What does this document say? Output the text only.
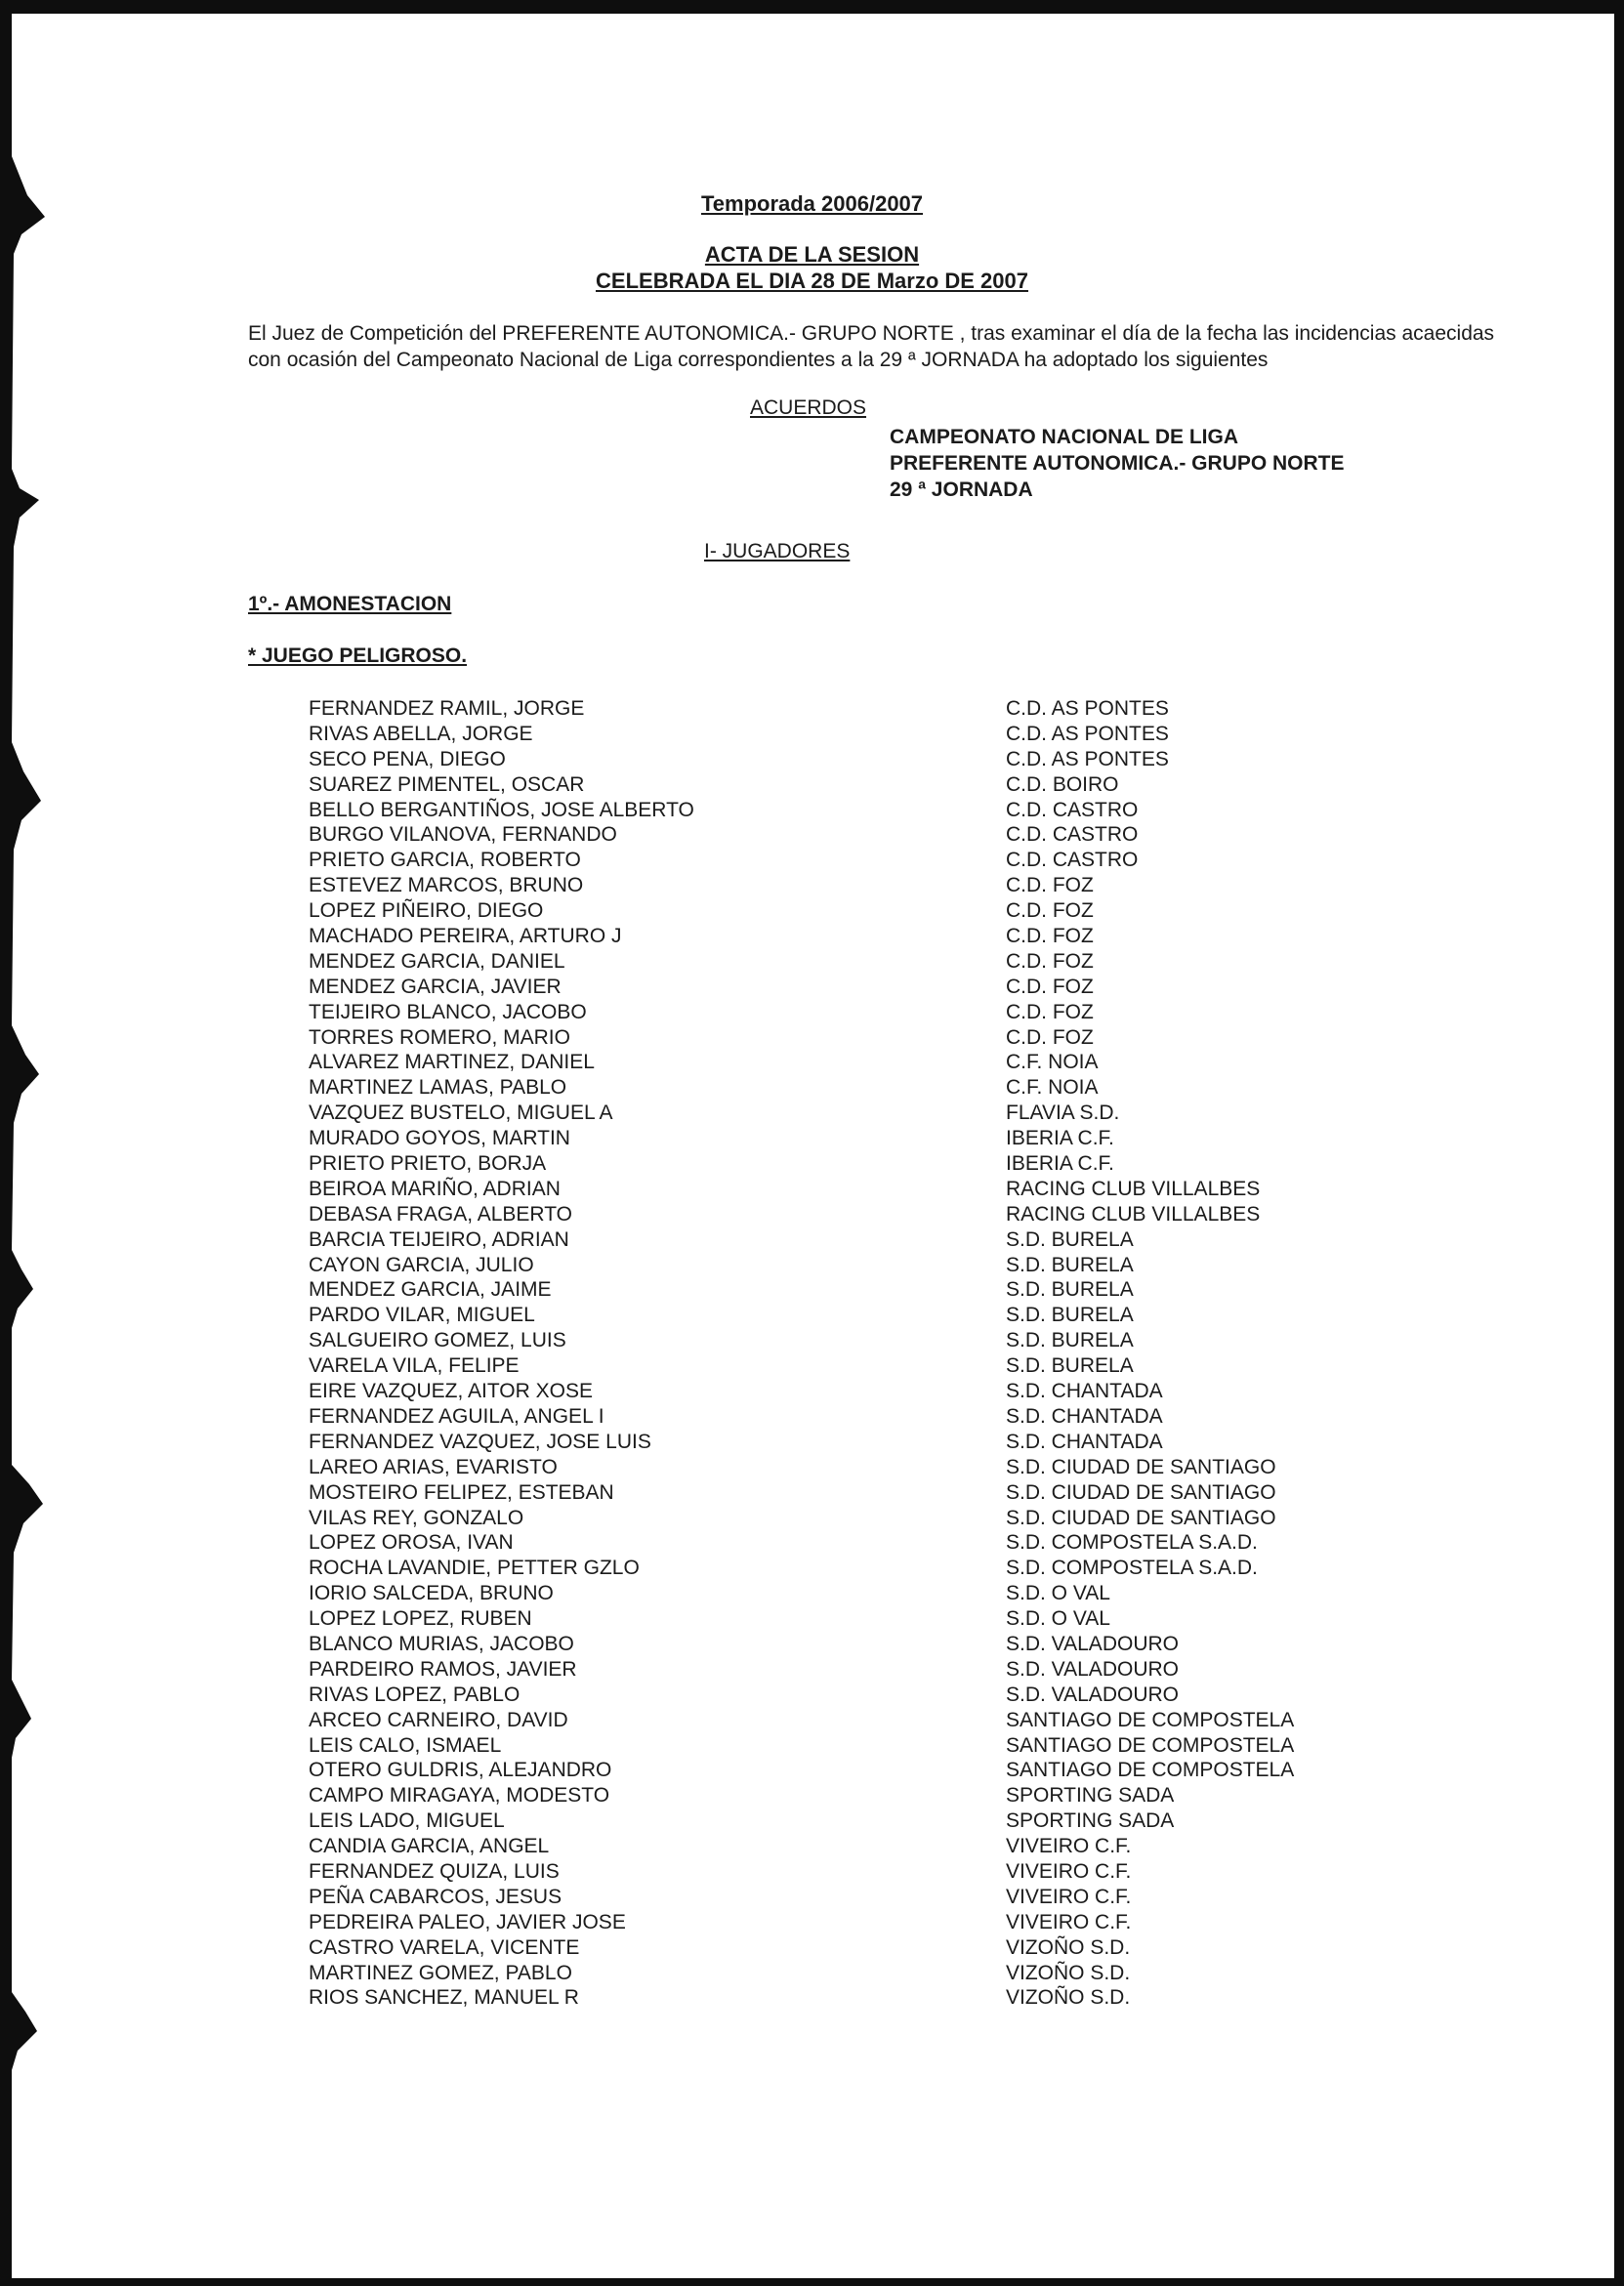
Temporada 2006/2007
ACTA DE LA SESION
CELEBRADA EL DIA 28 DE Marzo DE 2007
El Juez de Competición del PREFERENTE AUTONOMICA.- GRUPO NORTE , tras examinar el día de la fecha las incidencias acaecidas con ocasión del Campeonato Nacional de Liga correspondientes a la 29 ª JORNADA ha adoptado los siguientes
ACUERDOS
CAMPEONATO NACIONAL DE LIGA
PREFERENTE AUTONOMICA.- GRUPO NORTE
29 ª JORNADA
I- JUGADORES
1º.- AMONESTACION
* JUEGO PELIGROSO.
FERNANDEZ RAMIL, JORGE	C.D. AS PONTES
RIVAS ABELLA, JORGE	C.D. AS PONTES
SECO PENA, DIEGO	C.D. AS PONTES
SUAREZ PIMENTEL, OSCAR	C.D. BOIRO
BELLO BERGANTIÑOS, JOSE ALBERTO	C.D. CASTRO
BURGO VILANOVA, FERNANDO	C.D. CASTRO
PRIETO GARCIA, ROBERTO	C.D. CASTRO
ESTEVEZ MARCOS, BRUNO	C.D. FOZ
LOPEZ PIÑEIRO, DIEGO	C.D. FOZ
MACHADO PEREIRA, ARTURO J	C.D. FOZ
MENDEZ GARCIA, DANIEL	C.D. FOZ
MENDEZ GARCIA, JAVIER	C.D. FOZ
TEIJEIRO BLANCO, JACOBO	C.D. FOZ
TORRES ROMERO, MARIO	C.D. FOZ
ALVAREZ MARTINEZ, DANIEL	C.F. NOIA
MARTINEZ LAMAS, PABLO	C.F. NOIA
VAZQUEZ BUSTELO, MIGUEL A	FLAVIA S.D.
MURADO GOYOS, MARTIN	IBERIA C.F.
PRIETO PRIETO, BORJA	IBERIA C.F.
BEIROA MARIÑO, ADRIAN	RACING CLUB VILLALBES
DEBASA FRAGA, ALBERTO	RACING CLUB VILLALBES
BARCIA TEIJEIRO, ADRIAN	S.D. BURELA
CAYON GARCIA, JULIO	S.D. BURELA
MENDEZ GARCIA, JAIME	S.D. BURELA
PARDO VILAR, MIGUEL	S.D. BURELA
SALGUEIRO GOMEZ, LUIS	S.D. BURELA
VARELA VILA, FELIPE	S.D. BURELA
EIRE VAZQUEZ, AITOR XOSE	S.D. CHANTADA
FERNANDEZ AGUILA, ANGEL I	S.D. CHANTADA
FERNANDEZ VAZQUEZ, JOSE LUIS	S.D. CHANTADA
LAREO ARIAS, EVARISTO	S.D. CIUDAD DE SANTIAGO
MOSTEIRO FELIPEZ, ESTEBAN	S.D. CIUDAD DE SANTIAGO
VILAS REY, GONZALO	S.D. CIUDAD DE SANTIAGO
LOPEZ OROSA, IVAN	S.D. COMPOSTELA S.A.D.
ROCHA LAVANDIE, PETTER GZLO	S.D. COMPOSTELA S.A.D.
IORIO SALCEDA, BRUNO	S.D. O VAL
LOPEZ LOPEZ, RUBEN	S.D. O VAL
BLANCO MURIAS, JACOBO	S.D. VALADOURO
PARDEIRO RAMOS, JAVIER	S.D. VALADOURO
RIVAS LOPEZ, PABLO	S.D. VALADOURO
ARCEO CARNEIRO, DAVID	SANTIAGO DE COMPOSTELA
LEIS CALO, ISMAEL	SANTIAGO DE COMPOSTELA
OTERO GULDRIS, ALEJANDRO	SANTIAGO DE COMPOSTELA
CAMPO MIRAGAYA, MODESTO	SPORTING SADA
LEIS LADO, MIGUEL	SPORTING SADA
CANDIA GARCIA, ANGEL	VIVEIRO C.F.
FERNANDEZ QUIZA, LUIS	VIVEIRO C.F.
PEÑA CABARCOS, JESUS	VIVEIRO C.F.
PEDREIRA PALEO, JAVIER JOSE	VIVEIRO C.F.
CASTRO VARELA, VICENTE	VIZOÑO S.D.
MARTINEZ GOMEZ, PABLO	VIZOÑO S.D.
RIOS SANCHEZ, MANUEL R	VIZOÑO S.D.
